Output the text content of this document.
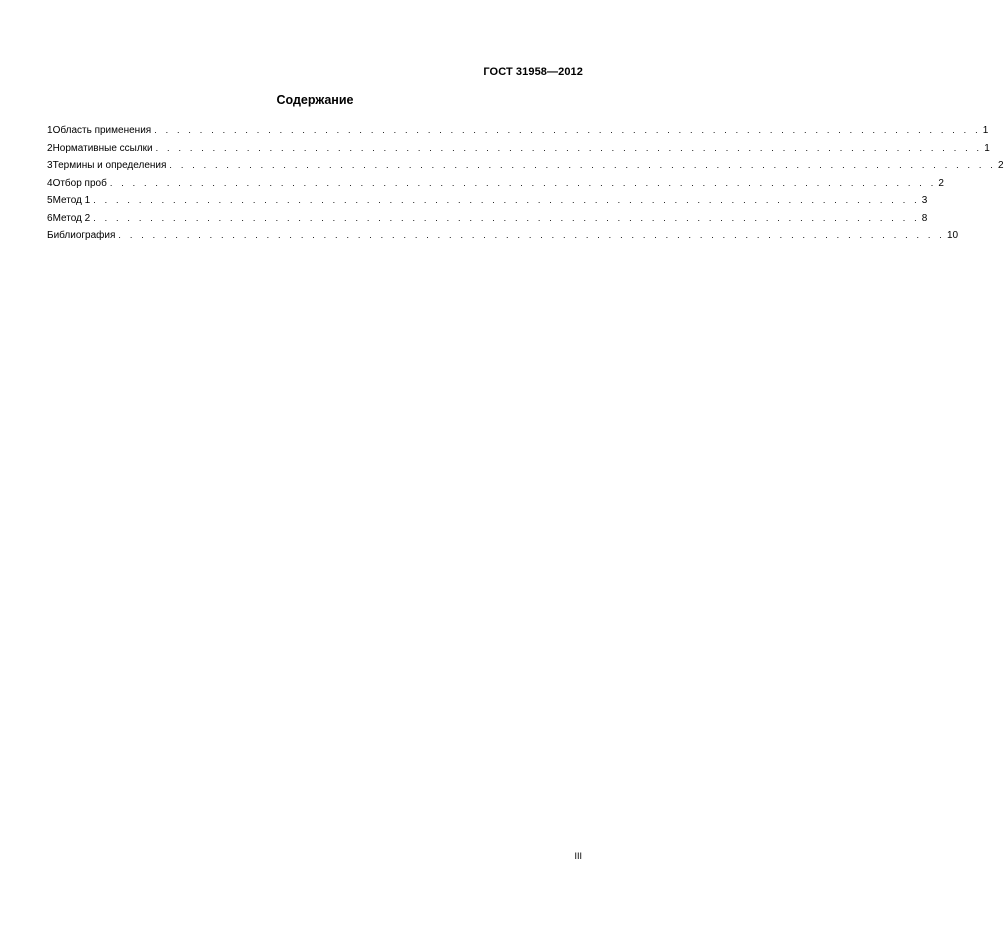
ГОСТ 31958—2012
Содержание
1 Область применения . . . . . . . . . . . . . . . . . . . . . . . . . . . . . . . . . . . . . . . . . . . . . . . . . . . . . . . . . . . . . . . . . . . . . . . . . 1
2 Нормативные ссылки . . . . . . . . . . . . . . . . . . . . . . . . . . . . . . . . . . . . . . . . . . . . . . . . . . . . . . . . . . . . . . . . . . . . . . . . . 1
3 Термины и определения . . . . . . . . . . . . . . . . . . . . . . . . . . . . . . . . . . . . . . . . . . . . . . . . . . . . . . . . . . . . . . . . . . . . . . . . . 2
4 Отбор проб . . . . . . . . . . . . . . . . . . . . . . . . . . . . . . . . . . . . . . . . . . . . . . . . . . . . . . . . . . . . . . . . . . . . . . . . . 2
5 Метод 1 . . . . . . . . . . . . . . . . . . . . . . . . . . . . . . . . . . . . . . . . . . . . . . . . . . . . . . . . . . . . . . . . . . . . . . . . . 3
6 Метод 2 . . . . . . . . . . . . . . . . . . . . . . . . . . . . . . . . . . . . . . . . . . . . . . . . . . . . . . . . . . . . . . . . . . . . . . . . . 8
Библиография . . . . . . . . . . . . . . . . . . . . . . . . . . . . . . . . . . . . . . . . . . . . . . . . . . . . . . . . . . . . . . . . . . . . . . . . . 10
III
